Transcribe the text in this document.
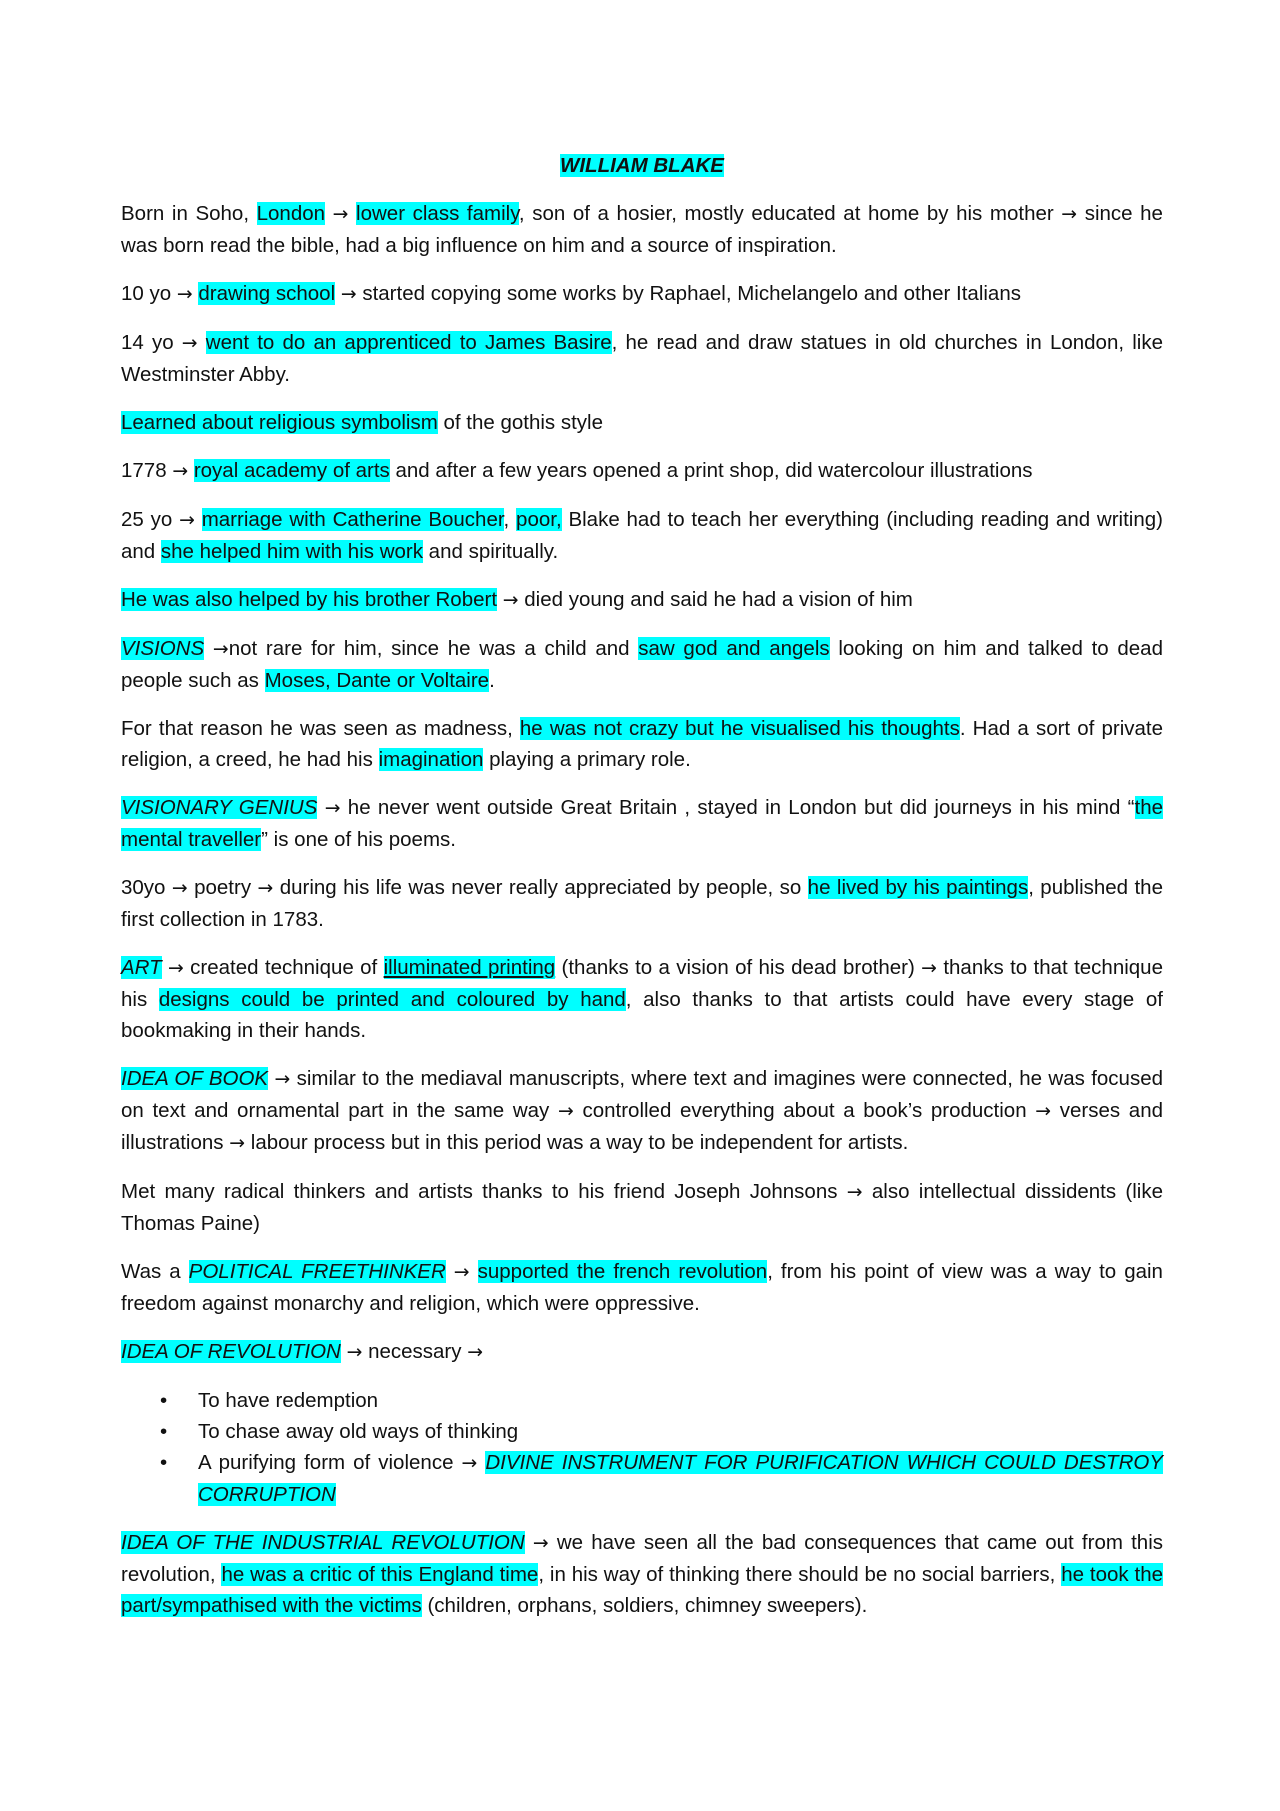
WILLIAM BLAKE

Born in Soho, London → lower class family, son of a hosier, mostly educated at home by his mother → since he was born read the bible, had a big influence on him and a source of inspiration.

10 yo → drawing school → started copying some works by Raphael, Michelangelo and other Italians

14 yo → went to do an apprenticed to James Basire, he read and draw statues in old churches in London, like Westminster Abby.

Learned about religious symbolism of the gothis style

1778 → royal academy of arts and after a few years opened a print shop, did watercolour illustrations

25 yo → marriage with Catherine Boucher, poor, Blake had to teach her everything (including reading and writing) and she helped him with his work and spiritually.

He was also helped by his brother Robert → died young and said he had a vision of him

VISIONS →not rare for him, since he was a child and saw god and angels looking on him and talked to dead people such as Moses, Dante or Voltaire.

For that reason he was seen as madness, he was not crazy but he visualised his thoughts. Had a sort of private religion, a creed, he had his imagination playing a primary role.

VISIONARY GENIUS → he never went outside Great Britain , stayed in London but did journeys in his mind “the mental traveller” is one of his poems.

30yo → poetry → during his life was never really appreciated by people, so he lived by his paintings, published the first collection in 1783.

ART → created technique of illuminated printing (thanks to a vision of his dead brother) → thanks to that technique his designs could be printed and coloured by hand, also thanks to that artists could have every stage of bookmaking in their hands.

IDEA OF BOOK → similar to the mediaval manuscripts, where text and imagines were connected, he was focused on text and ornamental part in the same way → controlled everything about a book’s production → verses and illustrations → labour process but in this period was a way to be independent for artists.

Met many radical thinkers and artists thanks to his friend Joseph Johnsons → also intellectual dissidents (like Thomas Paine)

Was a POLITICAL FREETHINKER → supported the french revolution, from his point of view was a way to gain freedom against monarchy and religion, which were oppressive.

IDEA OF REVOLUTION → necessary →

• To have redemption
• To chase away old ways of thinking
• A purifying form of violence → DIVINE INSTRUMENT FOR PURIFICATION WHICH COULD DESTROY CORRUPTION

IDEA OF THE INDUSTRIAL REVOLUTION → we have seen all the bad consequences that came out from this revolution, he was a critic of this England time, in his way of thinking there should be no social barriers, he took the part/sympathised with the victims (children, orphans, soldiers, chimney sweepers).
